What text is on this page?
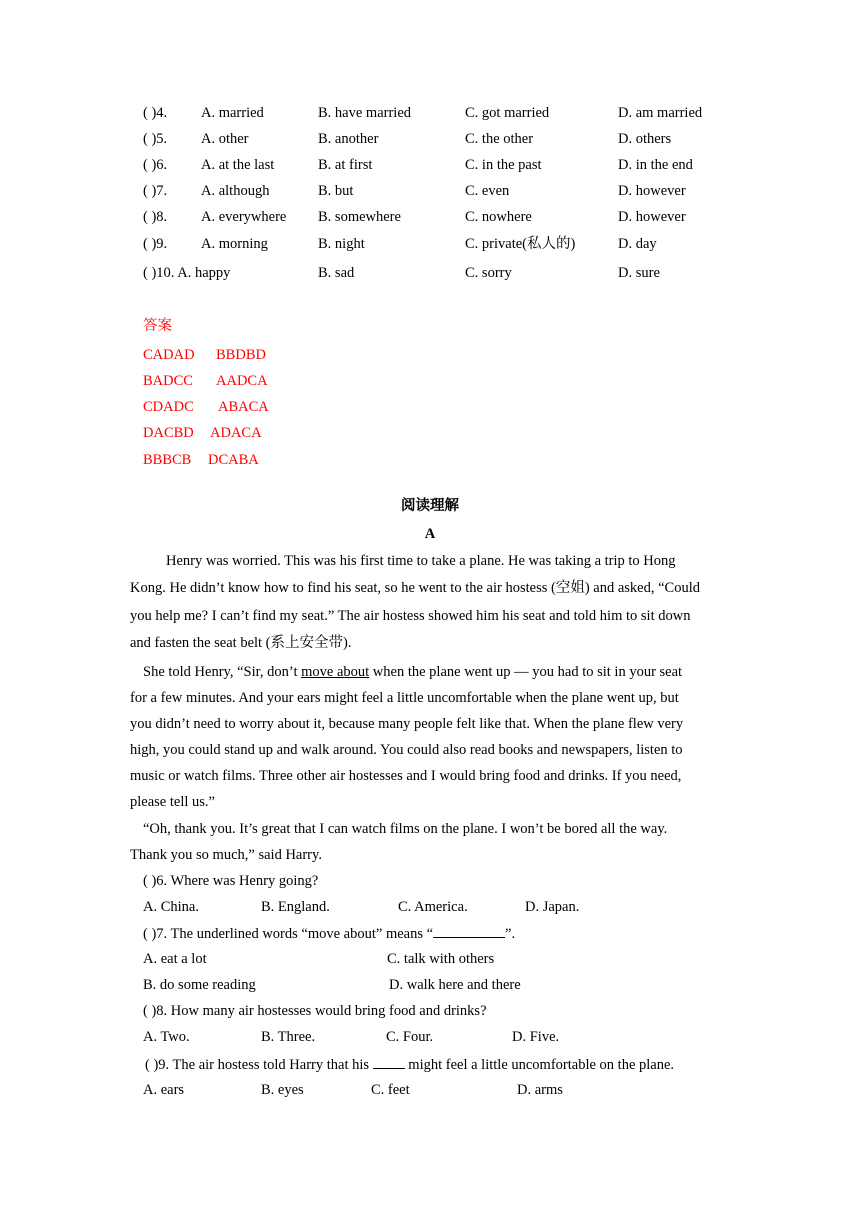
( )4. A. married	B. have married	C. got married	D. am married
( )5. A. other	B. another	C. the other	D. others
( )6. A. at the last	B. at first	C. in the past	D. in the end
( )7. A. although	B. but	C. even	D. however
( )8. A. everywhere B. somewhere	C. nowhere	D. however
( )9. A. morning	B. night	C. private(私人的)	D. day
( )10. A. happy	B. sad	C. sorry	D. sure
答案
CADAD BBDBD
BADCC AADCA
CDADC ABACA
DACBD ADACA
BBBCB DCABA
阅读理解
A
Henry was worried. This was his first time to take a plane. He was taking a trip to Hong
Kong. He didn’t know how to find his seat, so he went to the air hostess (空姐) and asked, “Could
you help me? I can’t find my seat.” The air hostess showed him his seat and told him to sit down
and fasten the seat belt (系上安全带).
She told Henry, “Sir, don’t move about when the plane went up — you had to sit in your seat
for a few minutes. And your ears might feel a little uncomfortable when the plane went up, but
you didn’t need to worry about it, because many people felt like that. When the plane flew very
high, you could stand up and walk around. You could also read books and newspapers, listen to
music or watch films. Three other air hostesses and I would bring food and drinks. If you need,
please tell us.”
“Oh, thank you. It’s great that I can watch films on the plane. I won’t be bored all the way.
Thank you so much,” said Harry.
( )6. Where was Henry going?
A. China.	B. England.	C. America.	D. Japan.
( )7. The underlined words “move about” means “	”.
A. eat a lot	C. talk with others
B. do some reading	D. walk here and there
( )8. How many air hostesses would bring food and drinks?
A. Two.	B. Three.	C. Four.	D. Five.
( )9. The air hostess told Harry that his  might feel a little uncomfortable on the plane.
A. ears	B. eyes	C. feet	D. arms
